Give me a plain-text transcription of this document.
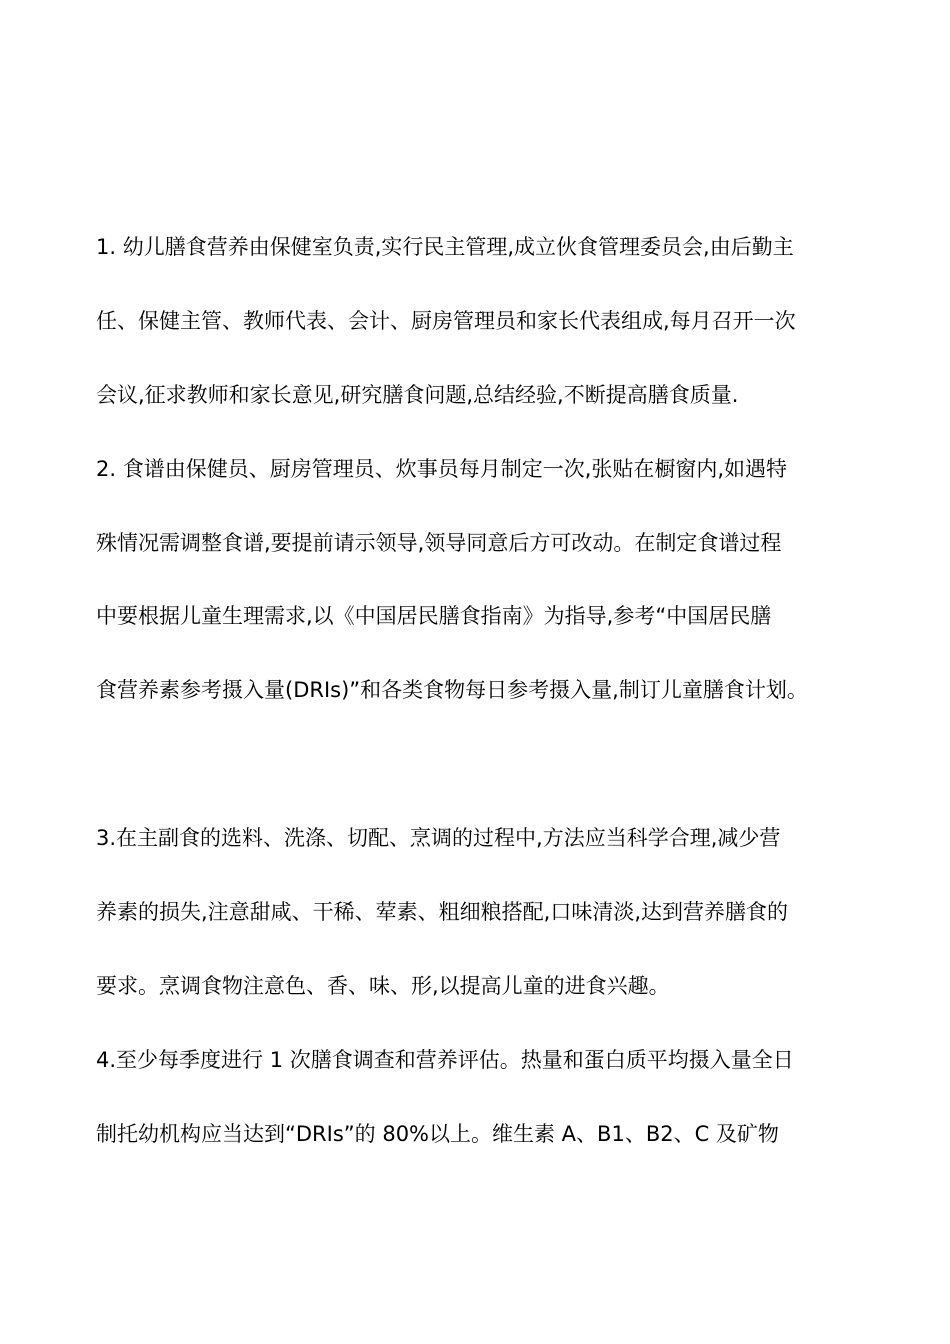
1. 幼儿膳食营养由保健室负责,实行民主管理,成立伙食管理委员会,由后勤主
任、保健主管、教师代表、会计、厨房管理员和家长代表组成,每月召开一次
会议,征求教师和家长意见,研究膳食问题,总结经验,不断提高膳食质量.
2. 食谱由保健员、厨房管理员、炊事员每月制定一次,张贴在橱窗内,如遇特
殊情况需调整食谱,要提前请示领导,领导同意后方可改动。在制定食谱过程
中要根据儿童生理需求,以《中国居民膳食指南》为指导,参考“中国居民膳
食营养素参考摄入量(DRIs)”和各类食物每日参考摄入量,制订儿童膳食计划。
3.在主副食的选料、洗涤、切配、烹调的过程中,方法应当科学合理,减少营
养素的损失,注意甜咸、干稀、荤素、粗细粮搭配,口味清淡,达到营养膳食的
要求。烹调食物注意色、香、味、形,以提高儿童的进食兴趣。
4.至少每季度进行 1 次膳食调查和营养评估。热量和蛋白质平均摄入量全日
制托幼机构应当达到“DRIs”的 80%以上。维生素 A、B1、B2、C 及矿物
